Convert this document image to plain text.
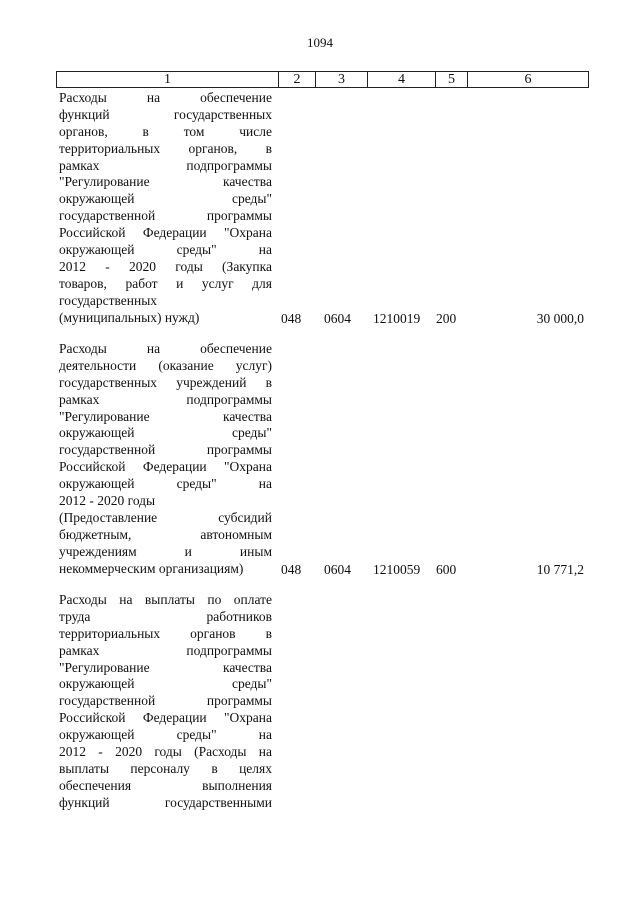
1094
1	2	3	4	5	6
Расходы на обеспечение
функций государственных
органов, в том числе
территориальных органов, в
рамках подпрограммы
"Регулирование качества
окружающей среды"
государственной программы
Российской Федерации "Охрана
окружающей среды" на
2012 - 2020 годы (Закупка
товаров, работ и услуг для
государственных
(муниципальных) нужд)	048 0604 1210019 200	30 000,0
Расходы на обеспечение
деятельности (оказание услуг)
государственных учреждений в
рамках подпрограммы
"Регулирование качества
окружающей среды"
государственной программы
Российской Федерации "Охрана
окружающей среды" на
2012 - 2020 годы
(Предоставление субсидий
бюджетным, автономным
учреждениям и иным
некоммерческим организациям)	048 0604 1210059 600	10 771,2
Расходы на выплаты по оплате
труда работников
территориальных органов в
рамках подпрограммы
"Регулирование качества
окружающей среды"
государственной программы
Российской Федерации "Охрана
окружающей среды" на
2012 - 2020 годы (Расходы на
выплаты персоналу в целях
обеспечения выполнения
функций государственными
